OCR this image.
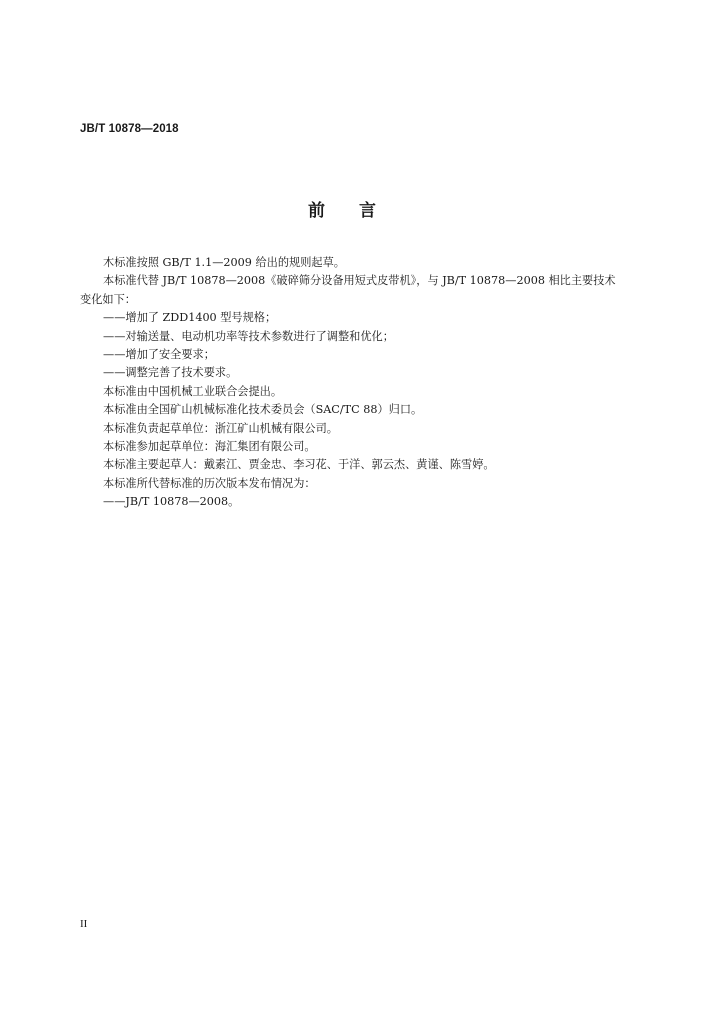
JB/T 10878—2018
前 言

木标准按照 GB/T 1.1—2009 给出的规则起草。

本标准代替 JB/T 10878—2008《破碎筛分设备用短式皮带机》，与 JB/T 10878—2008 相比主要技术

变化如下：

——增加了 ZDD1400 型号规格；

——对输送量、电动机功率等技术参数进行了调整和优化；

——增加了安全要求；

——调整完善了技术要求。

本标准由中国机械工业联合会提出。

本标准由全国矿山机械标准化技术委员会（SAC/TC 88）归口。

本标准负责起草单位：浙江矿山机械有限公司。

本标准参加起草单位：海汇集团有限公司。

本标准主要起草人：戴素江、贾金忠、李习花、于洋、郭云杰、黄谨、陈雪婷。

本标准所代替标准的历次版本发布情况为：

——JB/T 10878—2008。

II
